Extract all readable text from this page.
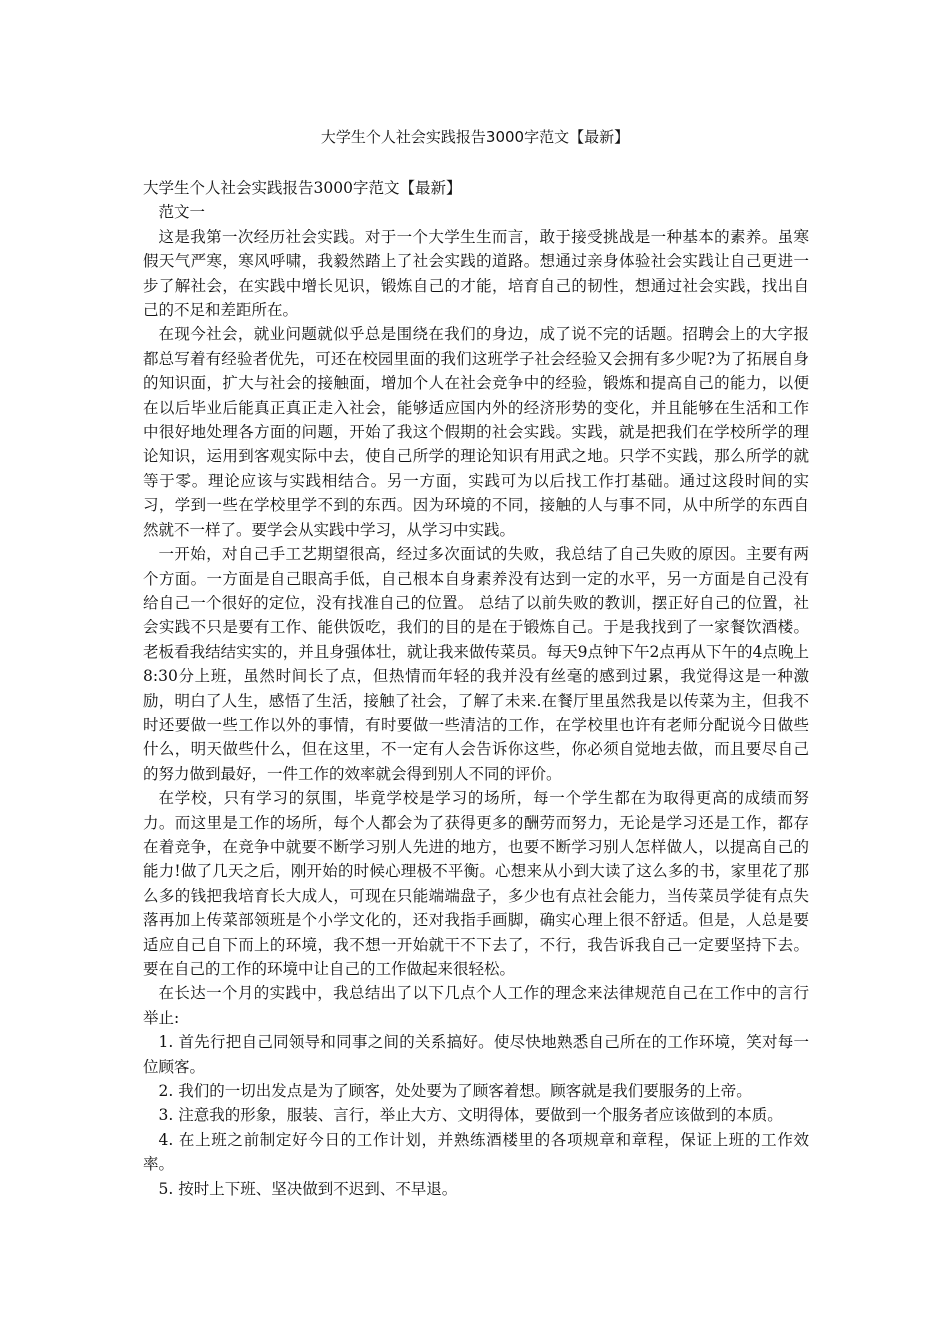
大学生个人社会实践报告3000字范文【最新】

大学生个人社会实践报告3000字范文【最新】

范文一

这是我第一次经历社会实践。对于一个大学生生而言，敢于接受挑战是一种基本的素养。虽寒假天气严寒，寒风呼啸，我毅然踏上了社会实践的道路。想通过亲身体验社会实践让自己更进一步了解社会，在实践中增长见识，锻炼自己的才能，培育自己的韧性，想通过社会实践，找出自己的不足和差距所在。

在现今社会，就业问题就似乎总是围绕在我们的身边，成了说不完的话题。招聘会上的大字报都总写着有经验者优先，可还在校园里面的我们这班学子社会经验又会拥有多少呢?为了拓展自身的知识面，扩大与社会的接触面，增加个人在社会竞争中的经验，锻炼和提高自己的能力，以便在以后毕业后能真正真正走入社会，能够适应国内外的经济形势的变化，并且能够在生活和工作中很好地处理各方面的问题，开始了我这个假期的社会实践。实践，就是把我们在学校所学的理论知识，运用到客观实际中去，使自己所学的理论知识有用武之地。只学不实践，那么所学的就等于零。理论应该与实践相结合。另一方面，实践可为以后找工作打基础。通过这段时间的实习，学到一些在学校里学不到的东西。因为环境的不同，接触的人与事不同，从中所学的东西自然就不一样了。要学会从实践中学习，从学习中实践。

一开始，对自己手工艺期望很高，经过多次面试的失败，我总结了自己失败的原因。主要有两个方面。一方面是自己眼高手低，自己根本自身素养没有达到一定的水平，另一方面是自己没有给自己一个很好的定位，没有找准自己的位置。 总结了以前失败的教训，摆正好自己的位置，社会实践不只是要有工作、能供饭吃，我们的目的是在于锻炼自己。于是我找到了一家餐饮酒楼。老板看我结结实实的，并且身强体壮，就让我来做传菜员。每天9点钟下午2点再从下午的4点晚上8:30分上班，虽然时间长了点，但热情而年轻的我并没有丝毫的感到过累，我觉得这是一种激励，明白了人生，感悟了生活，接触了社会，了解了未来.在餐厅里虽然我是以传菜为主，但我不时还要做一些工作以外的事情，有时要做一些清洁的工作，在学校里也许有老师分配说今日做些什么，明天做些什么，但在这里，不一定有人会告诉你这些，你必须自觉地去做，而且要尽自己的努力做到最好，一件工作的效率就会得到别人不同的评价。

在学校，只有学习的氛围，毕竟学校是学习的场所，每一个学生都在为取得更高的成绩而努力。而这里是工作的场所，每个人都会为了获得更多的酬劳而努力，无论是学习还是工作，都存在着竞争，在竞争中就要不断学习别人先进的地方，也要不断学习别人怎样做人，以提高自己的能力!做了几天之后，刚开始的时候心理极不平衡。心想来从小到大读了这么多的书，家里花了那么多的钱把我培育长大成人，可现在只能端端盘子，多少也有点社会能力，当传菜员学徒有点失落再加上传菜部领班是个小学文化的，还对我指手画脚，确实心理上很不舒适。但是，人总是要适应自己自下而上的环境，我不想一开始就干不下去了，不行，我告诉我自己一定要坚持下去。要在自己的工作的环境中让自己的工作做起来很轻松。

在长达一个月的实践中，我总结出了以下几点个人工作的理念来法律规范自己在工作中的言行举止:

1. 首先行把自己同领导和同事之间的关系搞好。使尽快地熟悉自己所在的工作环境，笑对每一位顾客。

2. 我们的一切出发点是为了顾客，处处要为了顾客着想。顾客就是我们要服务的上帝。

3. 注意我的形象，服装、言行，举止大方、文明得体，要做到一个服务者应该做到的本质。

4. 在上班之前制定好今日的工作计划，并熟练酒楼里的各项规章和章程，保证上班的工作效率。

5. 按时上下班、坚决做到不迟到、不早退。
